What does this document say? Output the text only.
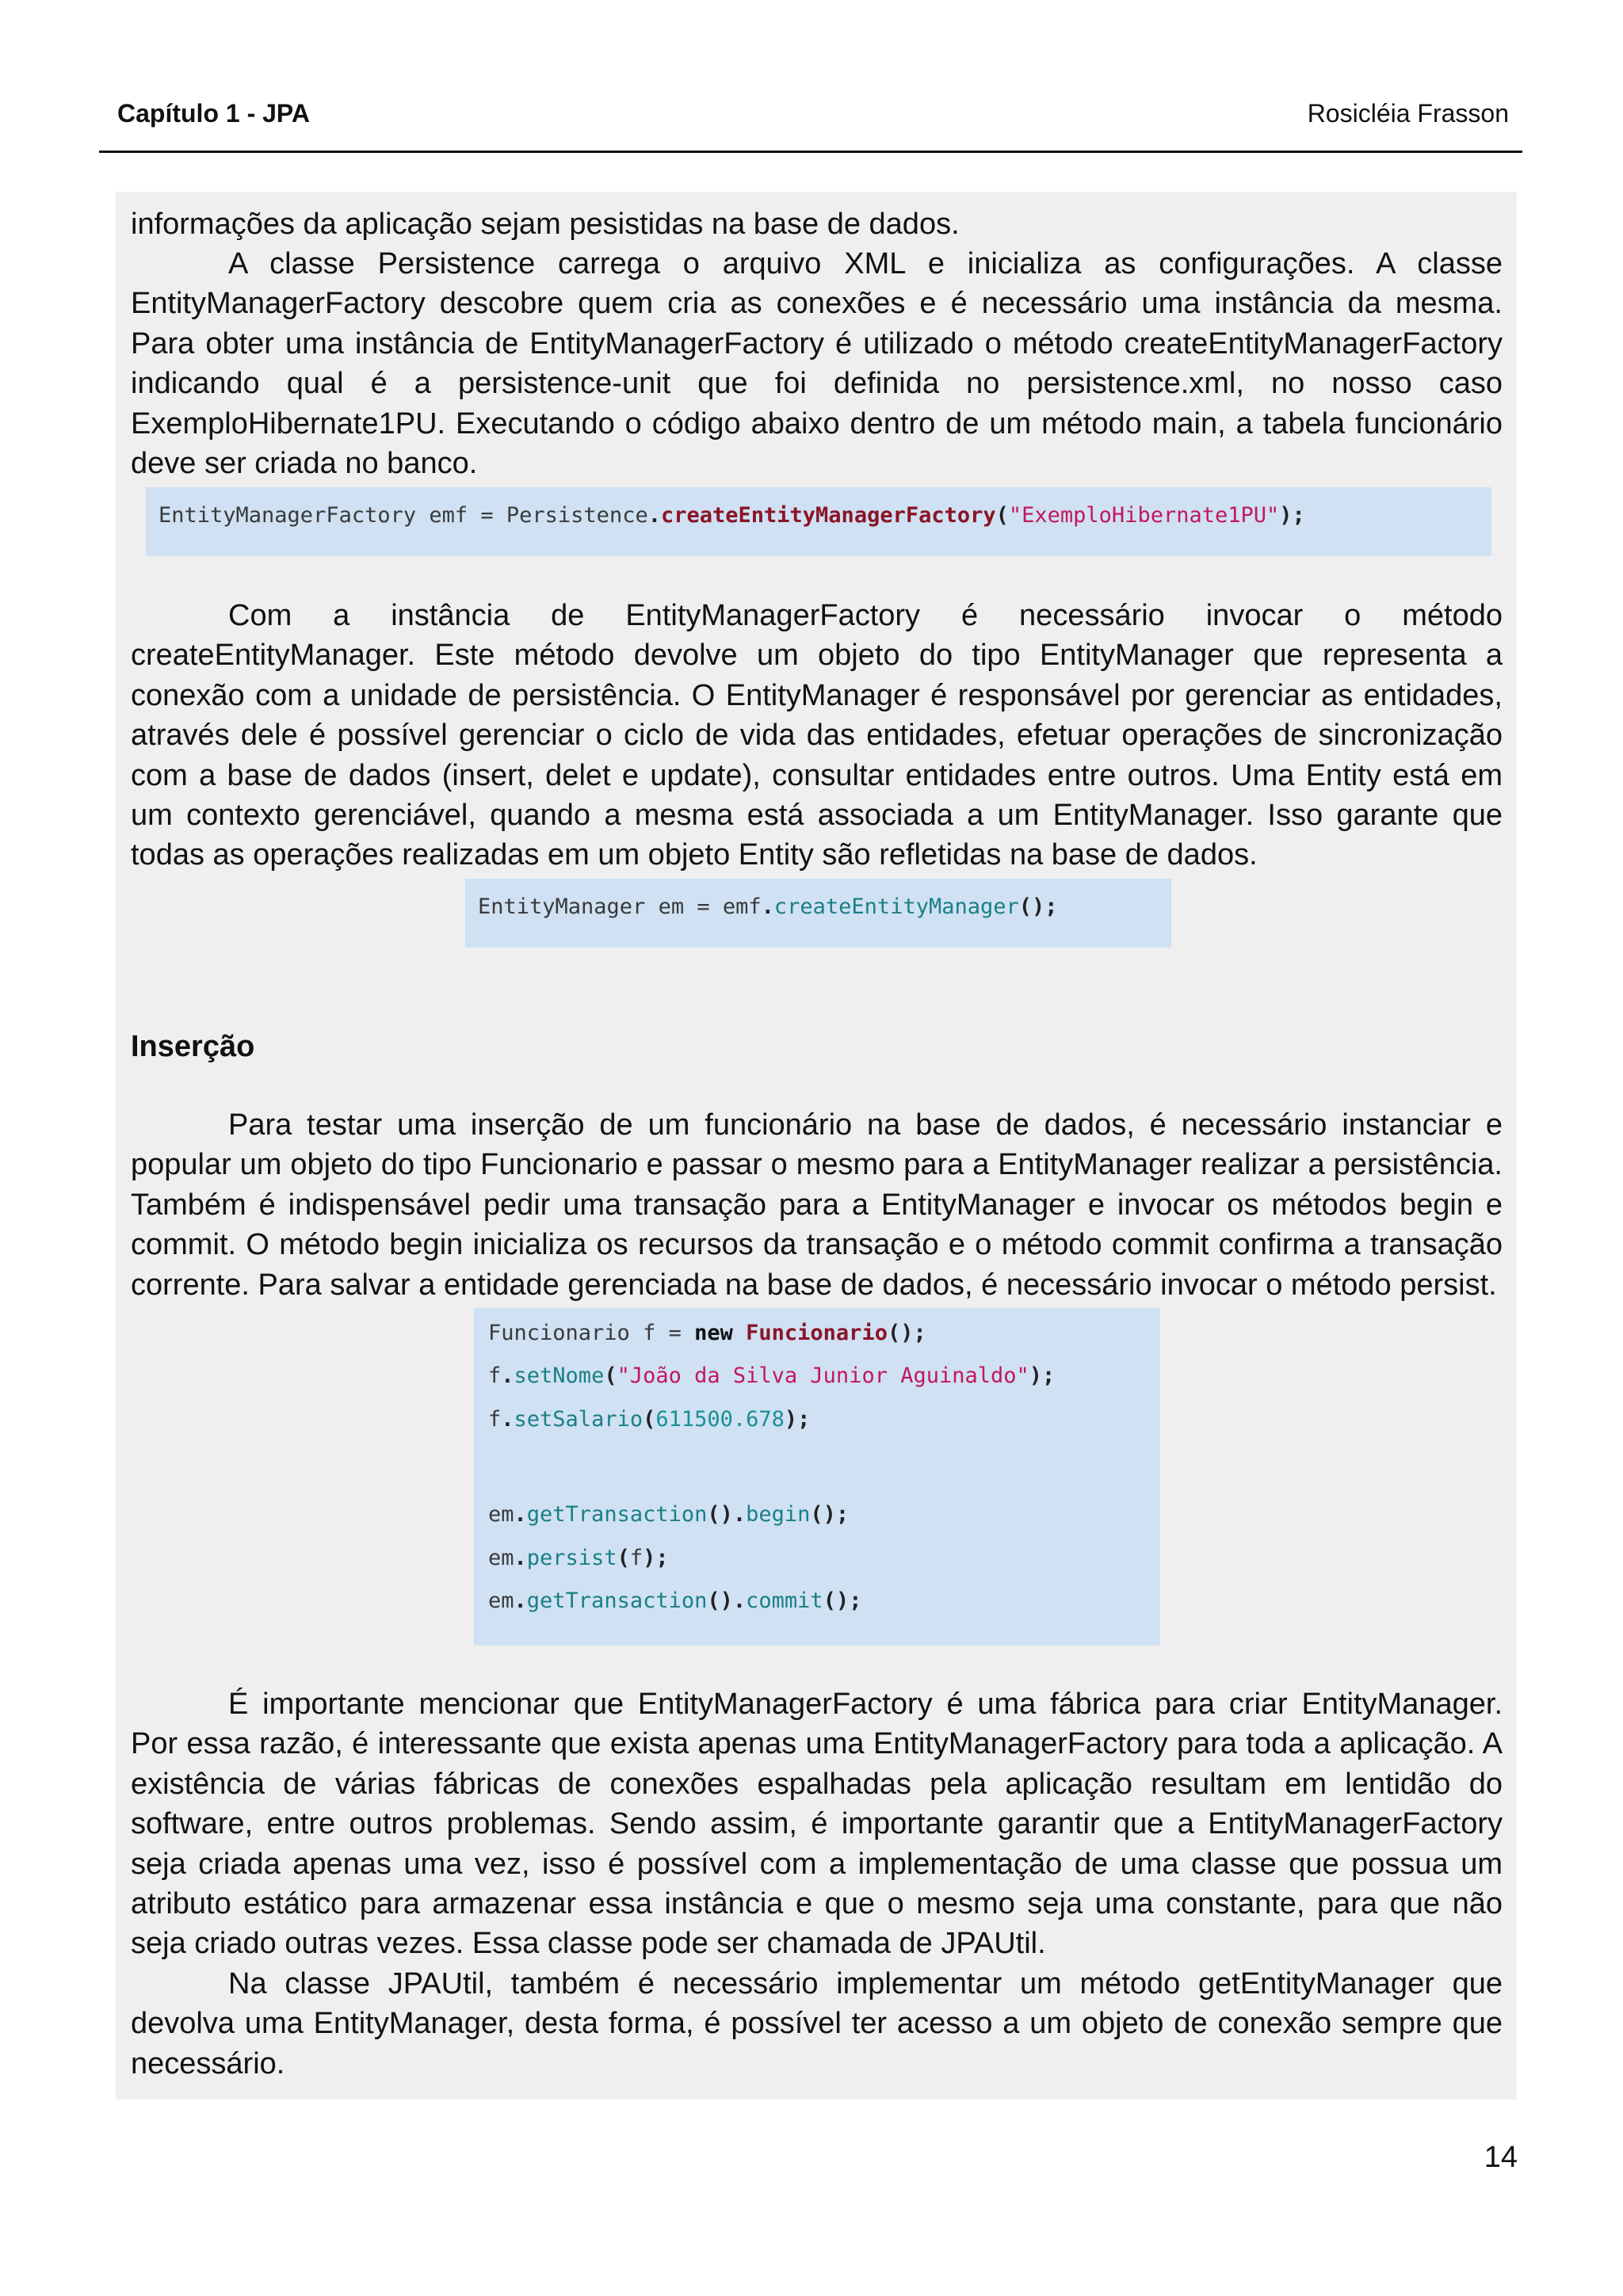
Capítulo 1 - JPA	Rosicléia Frasson

informações da aplicação sejam pesistidas na base de dados.

A classe Persistence carrega o arquivo XML e inicializa as configurações. A classe
EntityManagerFactory descobre quem cria as conexões e é necessário uma instância da mesma.
Para obter uma instância de EntityManagerFactory é utilizado o método createEntityManagerFactory
indicando qual é a persistence-unit que foi definida no persistence.xml, no nosso caso
ExemploHibernate1PU. Executando o código abaixo dentro de um método main, a tabela funcionário
deve ser criada no banco.

EntityManagerFactory emf = Persistence.createEntityManagerFactory("ExemploHibernate1PU");

Com a instância de EntityManagerFactory é necessário invocar o método
createEntityManager. Este método devolve um objeto do tipo EntityManager que representa a
conexão com a unidade de persistência. O EntityManager é responsável por gerenciar as entidades,
através dele é possível gerenciar o ciclo de vida das entidades, efetuar operações de sincronização
com a base de dados (insert, delet e update), consultar entidades entre outros. Uma Entity está em
um contexto gerenciável, quando a mesma está associada a um EntityManager. Isso garante que
todas as operações realizadas em um objeto Entity são refletidas na base de dados.

EntityManager em = emf.createEntityManager();

Inserção

Para testar uma inserção de um funcionário na base de dados, é necessário instanciar e
popular um objeto do tipo Funcionario e passar o mesmo para a EntityManager realizar a persistência.
Também é indispensável pedir uma transação para a EntityManager e invocar os métodos begin e
commit. O método begin inicializa os recursos da transação e o método commit confirma a transação
corrente. Para salvar a entidade gerenciada na base de dados, é necessário invocar o método persist.

Funcionario f = new Funcionario();

f.setNome("João da Silva Junior Aguinaldo");

f.setSalario(611500.678);

em.getTransaction().begin();

em.persist(f);

em.getTransaction().commit();

É importante mencionar que EntityManagerFactory é uma fábrica para criar EntityManager.
Por essa razão, é interessante que exista apenas uma EntityManagerFactory para toda a aplicação. A
existência de várias fábricas de conexões espalhadas pela aplicação resultam em lentidão do
software, entre outros problemas. Sendo assim, é importante garantir que a EntityManagerFactory
seja criada apenas uma vez, isso é possível com a implementação de uma classe que possua um
atributo estático para armazenar essa instância e que o mesmo seja uma constante, para que não
seja criado outras vezes. Essa classe pode ser chamada de JPAUtil.

Na classe JPAUtil, também é necessário implementar um método getEntityManager que
devolva uma EntityManager, desta forma, é possível ter acesso a um objeto de conexão sempre que
necessário.

14
